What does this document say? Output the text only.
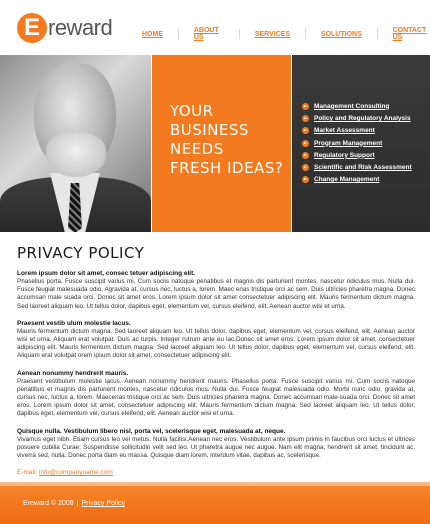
E reward	HOME	ABOUT US	SERVICES	SOLUTIONS	CONTACT US
YOUR
BUSINESS
NEEDS
FRESH IDEAS?
Management Consulting
Policy and Regulatory Analysis
Market Assessment
Program Management
Regulatory Support
Scientific and Risk Assessment
Change Management
PRIVACY POLICY
Lorem ipsum dolor sit amet, consec tetuer adipiscing elit.

Phasellus porta. Fusce suscipit varius mi. Cum sociis natoque penatibus et magnis dis parturient montes, nascetur ridiculus mus. Nulla dui. Fusce feugiat malesuada odio. Agravida at, cursus nec, luctus a, lorem. Maec enas tristique orci ac sem. Duis ultricies pharetra magna. Donec accumsan male suada orci. Donec sit amet eros. Lorem ipsum dolor sit amet consectetuer adipiscing elit. Mauris fermentum dictum magna. Sed laoreet aliquam leo. Ut tellus dolor, dapibus eget, elementum vel, cursus eleifend, elit. Aenean auctor wisi et urna.

Praesent vestib ulum molestie lacus.

Mauris fermentum dictum magna. Sed laoreet aliquam leo. Ut tellus dolor, dapibus eget, elementum vel, cursus eleifend, elit. Aenean auctor wisi et urna. Aliquam erat volutpat. Duis ac turpis. Integer rutrum ante eu lac.Donec sit amet eros. Lorem ipsum dolor sit amet, consectetuer adipiscing elit. Mauris fermentum dictum magna. Sed laoreet aliquam leo. Ut tellus dolor, dapibus eget, elementum vel, cursus eleifend, elit. Aliquam erat volutpat orem ipsum dolor sit amet, consectetuer adipiscing elit.

Aenean nonummy hendrerit mauris.

Praesent vestibulum molestie lacus. Aenean nonummy hendrerit mauris. Phasellus porta. Fusce suscipit varius mi. Cum sociis natoque penatibus et magnis dis parturient montes, nascetur ridiculus mus. Nulla dui. Fusce feugiat malesuada odio. Morbi nunc odio, gravida at, cursus nec, luctus a, lorem. Maecenas tristique orci ac sem. Duis ultricies pharetra magna. Donec accumsan male-suada orci. Donec sit amet eros. Lorem ipsum dolor sit amet, consectetuer adipiscing elit. Mauris fermentum dictum magna. Sed laoreet aliquam leo. Ut tellus dolor, dapibus eget, elementum vel, cursus eleifend, elit. Aenean auctor wisi et urna.

Quisque nulla. Vestibulum libero nisl, porta vel, scelerisque eget, malesuada at, neque.

Vivamus eget nibh. Etiam cursus leo vel metus. Nulla facilisi.Aenean nec eros. Vestibulum ante ipsum primis in faucibus orci luctus et ultrices posuere cubilia Curae; Suspendisse sollicitudin velit sed leo. Ut pharetra augue nec augue. Nam elit magna, hendrerit sit amet, tincidunt ac, viverra sed, nulla. Donec porta diam eu massa. Quisque diam lorem, interdum vitae, dapibus ac, scelerisque.

E-mail: info@companyname.com
Ereward © 2008 | Privacy Policy
